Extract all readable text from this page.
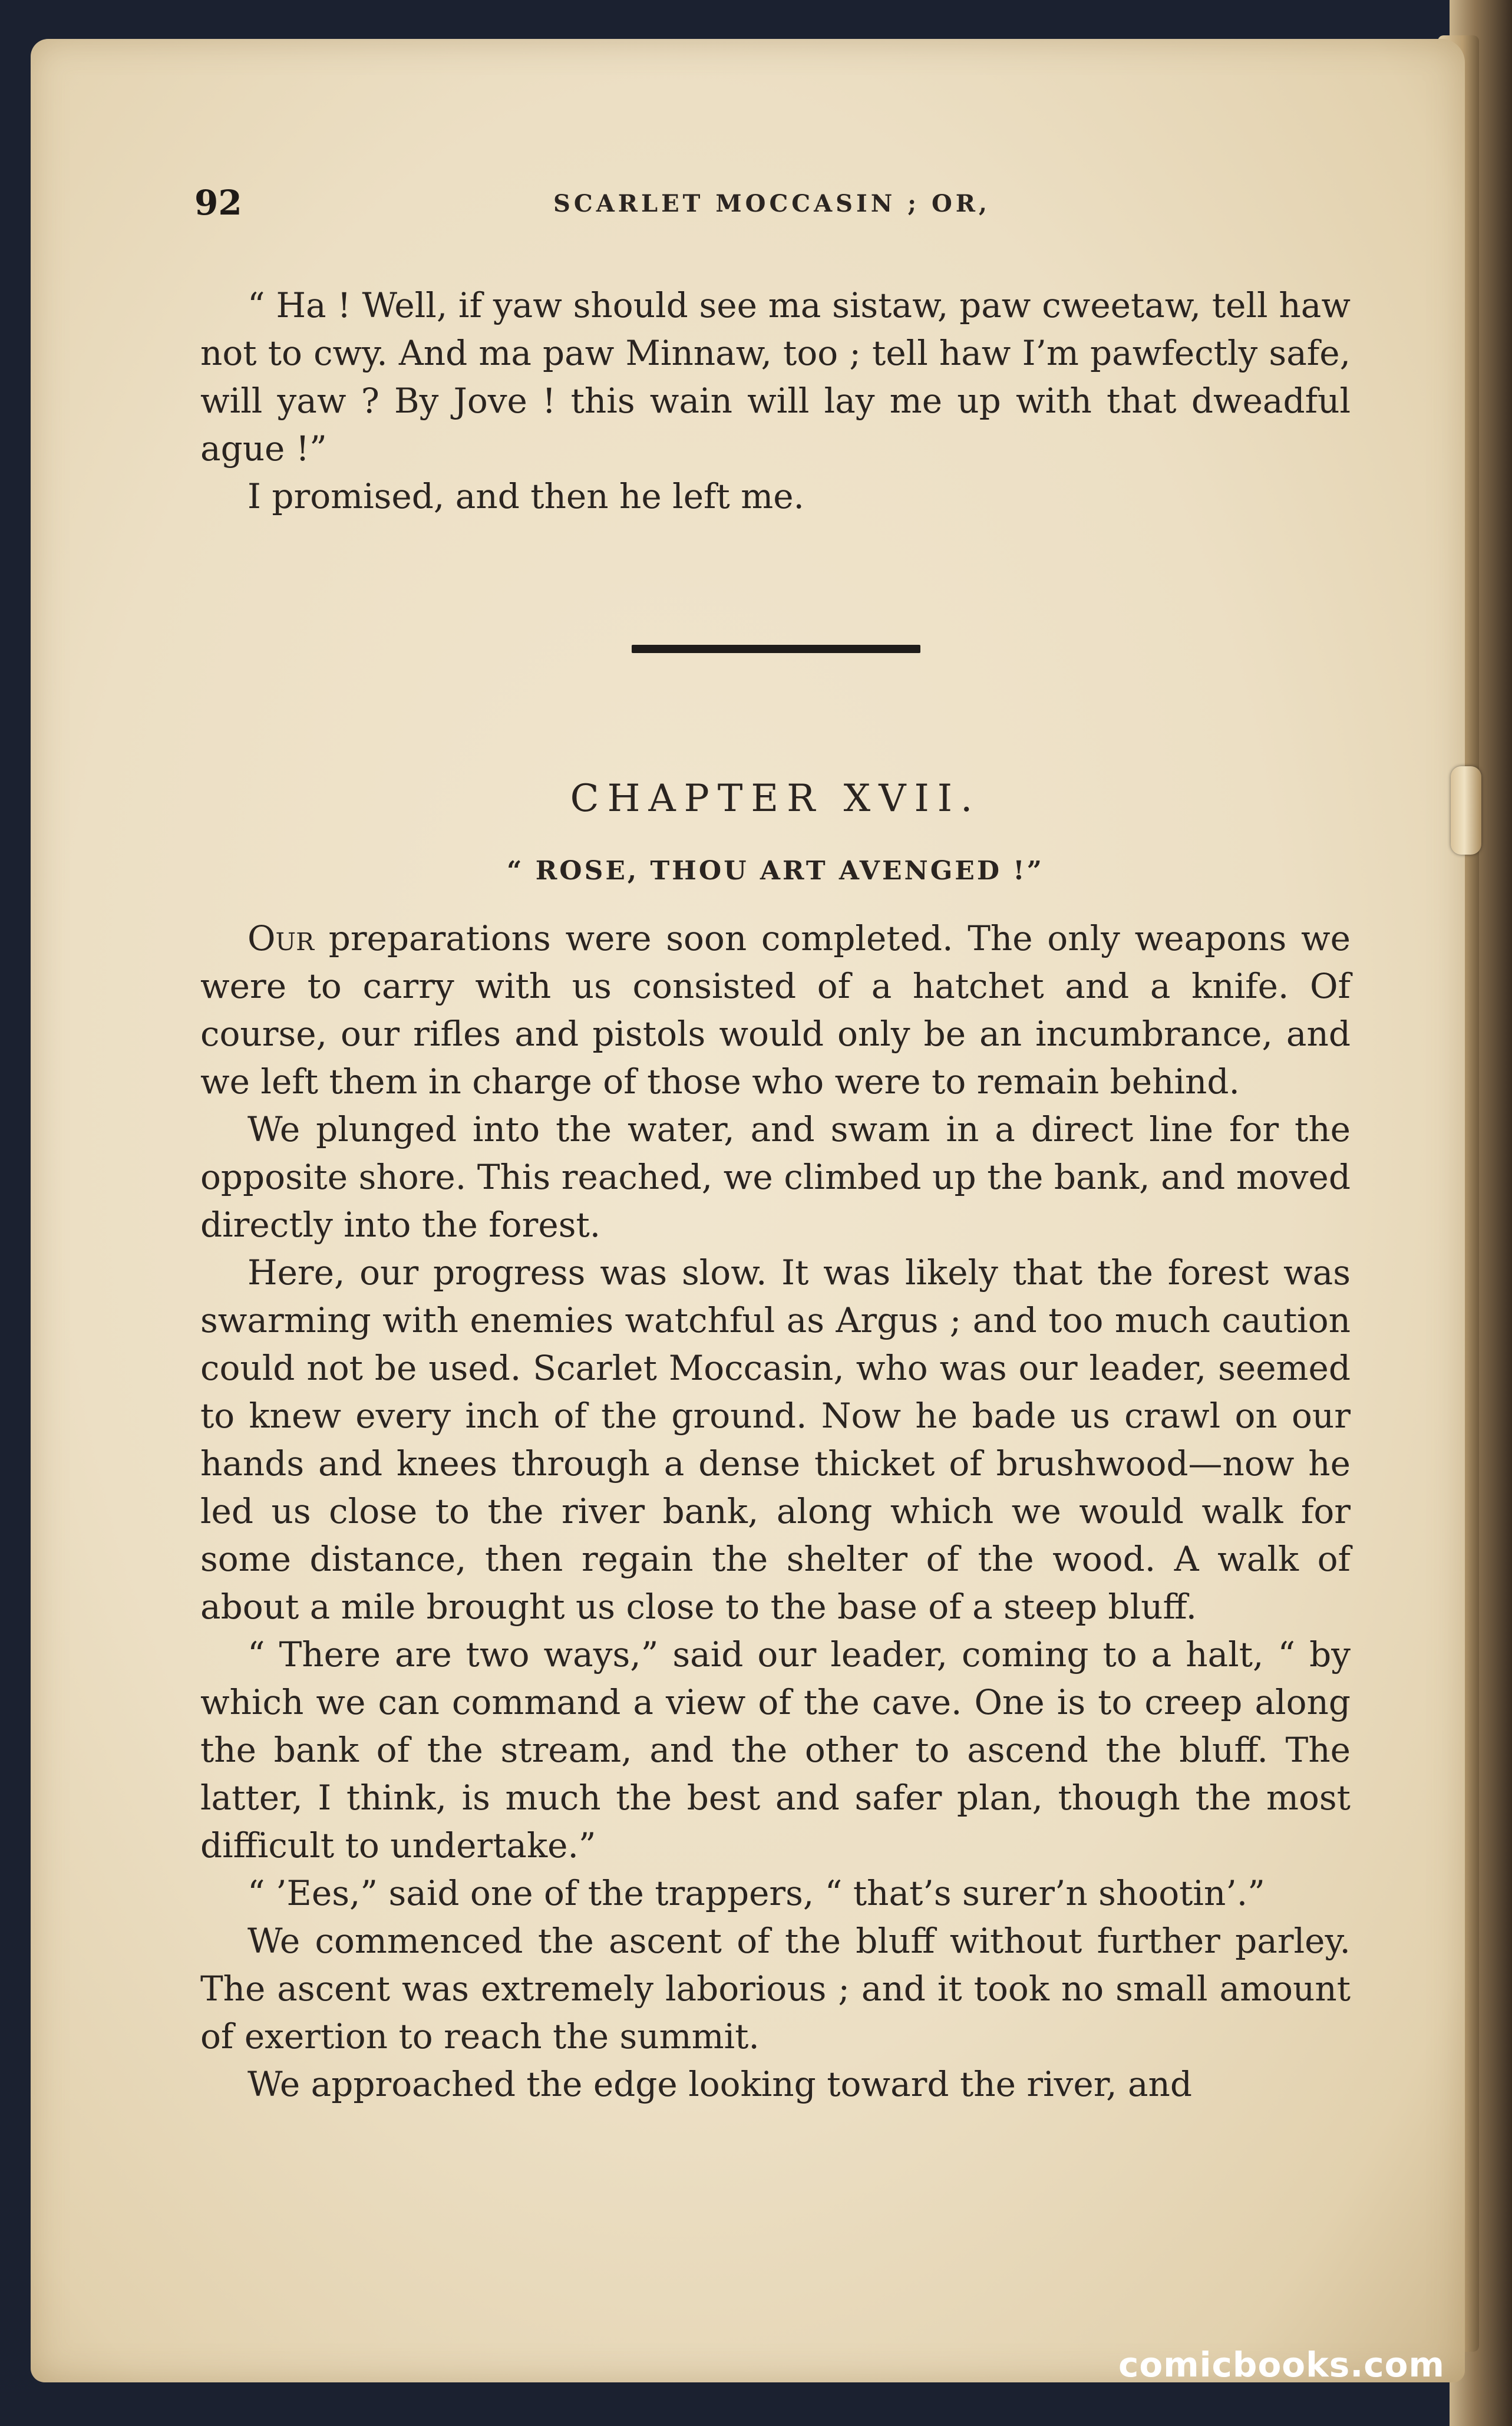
92	SCARLET MOCCASIN ; OR,

“ Ha ! Well, if yaw should see ma sistaw, paw cweetaw, tell haw not to cwy. And ma paw Minnaw, too ; tell haw I’m pawfectly safe, will yaw ? By Jove ! this wain will lay me up with that dweadful ague !”

I promised, and then he left me.

CHAPTER XVII.
“ ROSE, THOU ART AVENGED !”

Our preparations were soon completed. The only weapons we were to carry with us consisted of a hatchet and a knife. Of course, our rifles and pistols would only be an incumbrance, and we left them in charge of those who were to remain behind.

We plunged into the water, and swam in a direct line for the opposite shore. This reached, we climbed up the bank, and moved directly into the forest.

Here, our progress was slow. It was likely that the forest was swarming with enemies watchful as Argus ; and too much caution could not be used. Scarlet Moccasin, who was our leader, seemed to knew every inch of the ground. Now he bade us crawl on our hands and knees through a dense thicket of brushwood—now he led us close to the river bank, along which we would walk for some distance, then regain the shelter of the wood. A walk of about a mile brought us close to the base of a steep bluff.

“ There are two ways,” said our leader, coming to a halt, “ by which we can command a view of the cave. One is to creep along the bank of the stream, and the other to ascend the bluff. The latter, I think, is much the best and safer plan, though the most difficult to undertake.”

“ ’Ees,” said one of the trappers, “ that’s surer’n shootin’.”

We commenced the ascent of the bluff without further parley. The ascent was extremely laborious ; and it took no small amount of exertion to reach the summit.

We approached the edge looking toward the river, and

comicbooks.com
